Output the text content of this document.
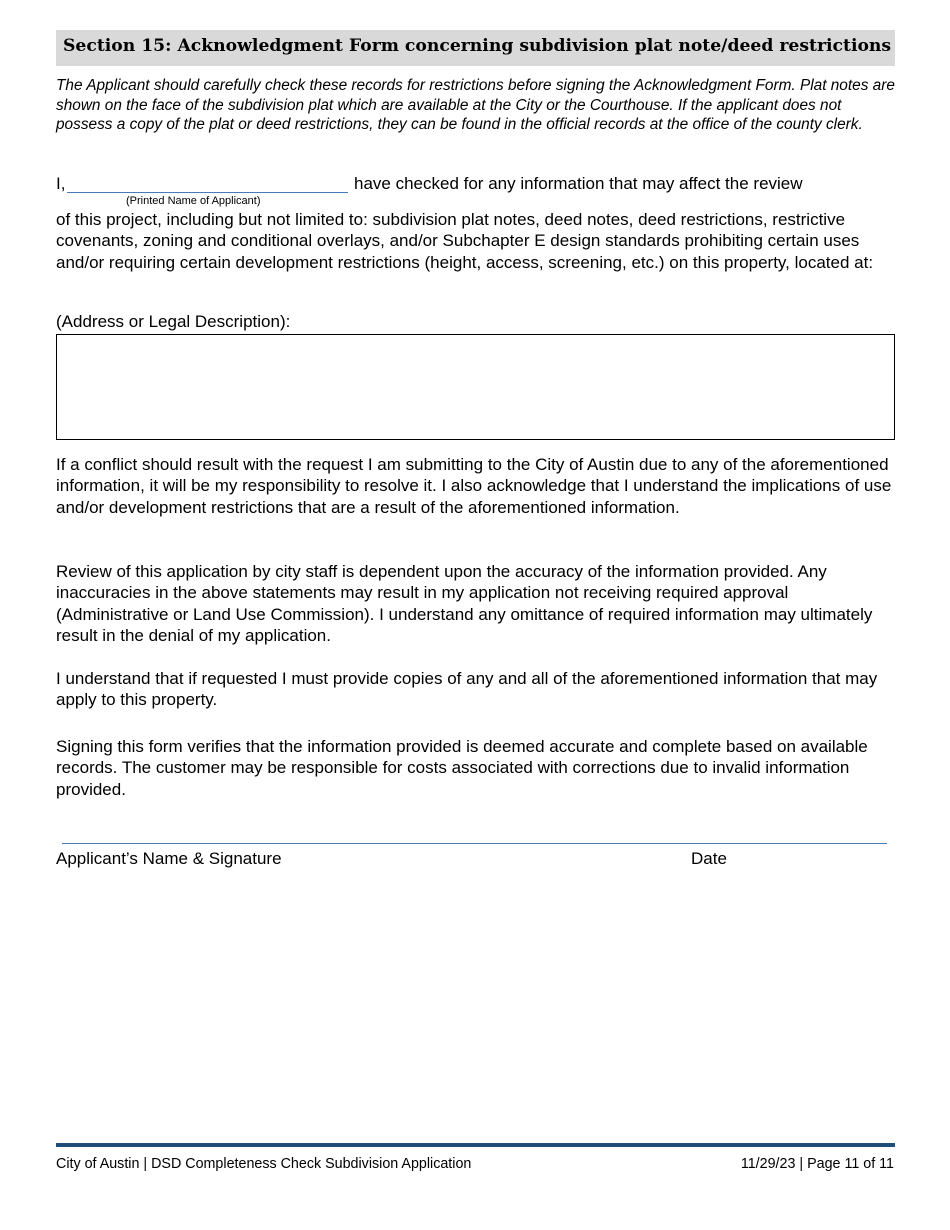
Section 15: Acknowledgment Form concerning subdivision plat note/deed restrictions

The Applicant should carefully check these records for restrictions before signing the Acknowledgment Form. Plat notes are shown on the face of the subdivision plat which are available at the City or the Courthouse. If the applicant does not possess a copy of the plat or deed restrictions, they can be found in the official records at the office of the county clerk.

I,	have checked for any information that may affect the review
(Printed Name of Applicant)

of this project, including but not limited to: subdivision plat notes, deed notes, deed restrictions, restrictive covenants, zoning and conditional overlays, and/or Subchapter E design standards prohibiting certain uses and/or requiring certain development restrictions (height, access, screening, etc.) on this property, located at:

(Address or Legal Description):

If a conflict should result with the request I am submitting to the City of Austin due to any of the aforementioned information, it will be my responsibility to resolve it. I also acknowledge that I understand the implications of use and/or development restrictions that are a result of the aforementioned information.

Review of this application by city staff is dependent upon the accuracy of the information provided. Any inaccuracies in the above statements may result in my application not receiving required approval (Administrative or Land Use Commission). I understand any omittance of required information may ultimately result in the denial of my application.

I understand that if requested I must provide copies of any and all of the aforementioned information that may apply to this property.

Signing this form verifies that the information provided is deemed accurate and complete based on available records. The customer may be responsible for costs associated with corrections due to invalid information provided.

Applicant’s Name & Signature	Date
City of Austin | DSD Completeness Check Subdivision Application	11/29/23 | Page 11 of 11
